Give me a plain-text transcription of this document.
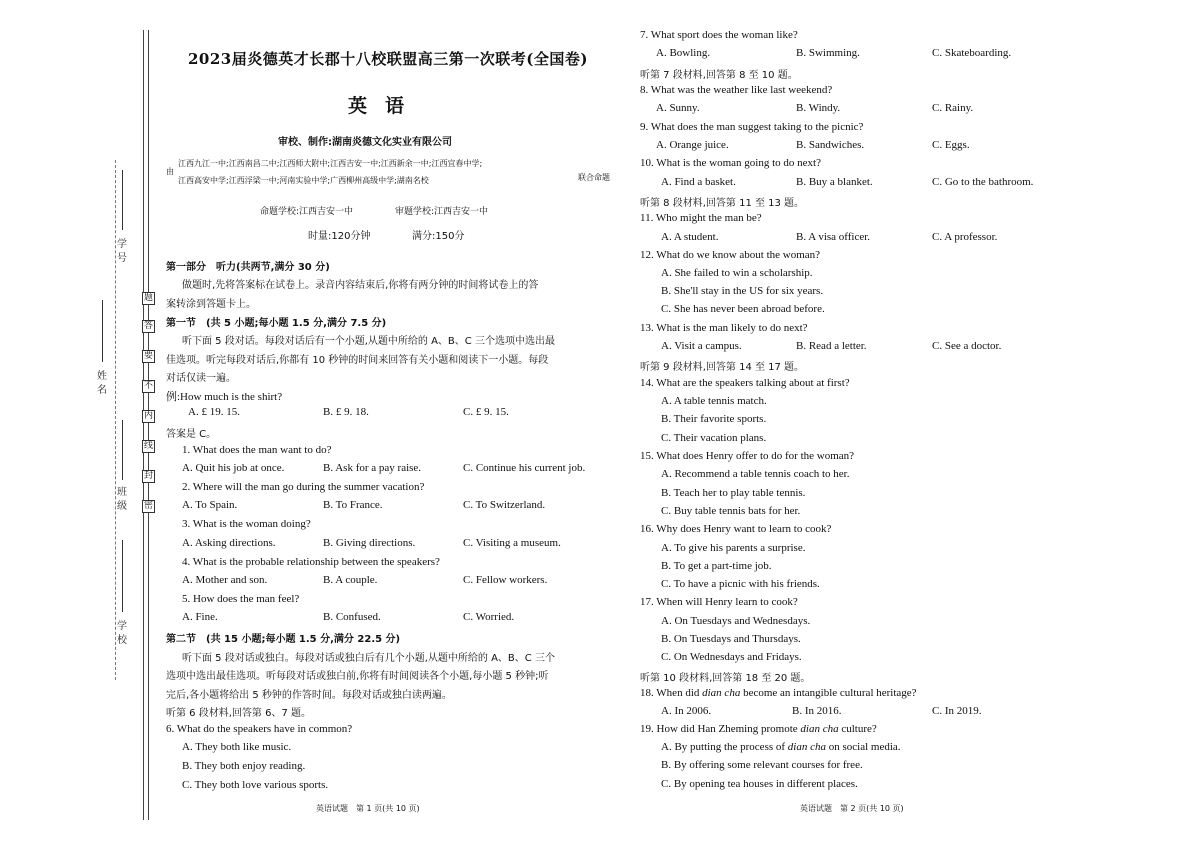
题
答
要
不
内
线
封
密
学号
姓名
班级
学校
2023届炎德英才长郡十八校联盟高三第一次联考(全国卷)
英语
审校、制作:湖南炎德文化实业有限公司
由
江西九江一中;江西南昌二中;江西师大附中;江西吉安一中;江西新余一中;江西宜春中学;
江西高安中学;江西浮梁一中;河南实验中学;广西柳州高级中学;湖南名校	联合命题
命题学校:江西吉安一中	审题学校:江西吉安一中
时量:120分钟	满分:150分
第一部分　听力(共两节,满分 30 分)
做题时,先将答案标在试卷上。录音内容结束后,你将有两分钟的时间将试卷上的答
案转涂到答题卡上。
第一节　(共 5 小题;每小题 1.5 分,满分 7.5 分)
听下面 5 段对话。每段对话后有一个小题,从题中所给的 A、B、C 三个选项中选出最
佳选项。听完每段对话后,你都有 10 秒钟的时间来回答有关小题和阅读下一小题。每段
对话仅读一遍。
例:How much is the shirt?
A. £ 19. 15.	B. £ 9. 18.	C. £ 9. 15.
答案是 C。
1. What does the man want to do?
A. Quit his job at once.	B. Ask for a pay raise.	C. Continue his current job.
2. Where will the man go during the summer vacation?
A. To Spain.	B. To France.	C. To Switzerland.
3. What is the woman doing?
A. Asking directions.	B. Giving directions.	C. Visiting a museum.
4. What is the probable relationship between the speakers?
A. Mother and son.	B. A couple.	C. Fellow workers.
5. How does the man feel?
A. Fine.	B. Confused.	C. Worried.
第二节　(共 15 小题;每小题 1.5 分,满分 22.5 分)
听下面 5 段对话或独白。每段对话或独白后有几个小题,从题中所给的 A、B、C 三个
选项中选出最佳选项。听每段对话或独白前,你将有时间阅读各个小题,每小题 5 秒钟;听
完后,各小题将给出 5 秒钟的作答时间。每段对话或独白读两遍。
听第 6 段材料,回答第 6、7 题。
6. What do the speakers have in common?
A. They both like music.
B. They both enjoy reading.
C. They both love various sports.
英语试题　第 1 页(共 10 页)
7. What sport does the woman like?
A. Bowling.	B. Swimming.	C. Skateboarding.
听第 7 段材料,回答第 8 至 10 题。
8. What was the weather like last weekend?
A. Sunny.	B. Windy.	C. Rainy.
9. What does the man suggest taking to the picnic?
A. Orange juice.	B. Sandwiches.	C. Eggs.
10. What is the woman going to do next?
A. Find a basket.	B. Buy a blanket.	C. Go to the bathroom.
听第 8 段材料,回答第 11 至 13 题。
11. Who might the man be?
A. A student.	B. A visa officer.	C. A professor.
12. What do we know about the woman?
A. She failed to win a scholarship.
B. She'll stay in the US for six years.
C. She has never been abroad before.
13. What is the man likely to do next?
A. Visit a campus.	B. Read a letter.	C. See a doctor.
听第 9 段材料,回答第 14 至 17 题。
14. What are the speakers talking about at first?
A. A table tennis match.
B. Their favorite sports.
C. Their vacation plans.
15. What does Henry offer to do for the woman?
A. Recommend a table tennis coach to her.
B. Teach her to play table tennis.
C. Buy table tennis bats for her.
16. Why does Henry want to learn to cook?
A. To give his parents a surprise.
B. To get a part-time job.
C. To have a picnic with his friends.
17. When will Henry learn to cook?
A. On Tuesdays and Wednesdays.
B. On Tuesdays and Thursdays.
C. On Wednesdays and Fridays.
听第 10 段材料,回答第 18 至 20 题。
18. When did dian cha become an intangible cultural heritage?
A. In 2006.	B. In 2016.	C. In 2019.
19. How did Han Zheming promote dian cha culture?
A. By putting the process of dian cha on social media.
B. By offering some relevant courses for free.
C. By opening tea houses in different places.
英语试题　第 2 页(共 10 页)
